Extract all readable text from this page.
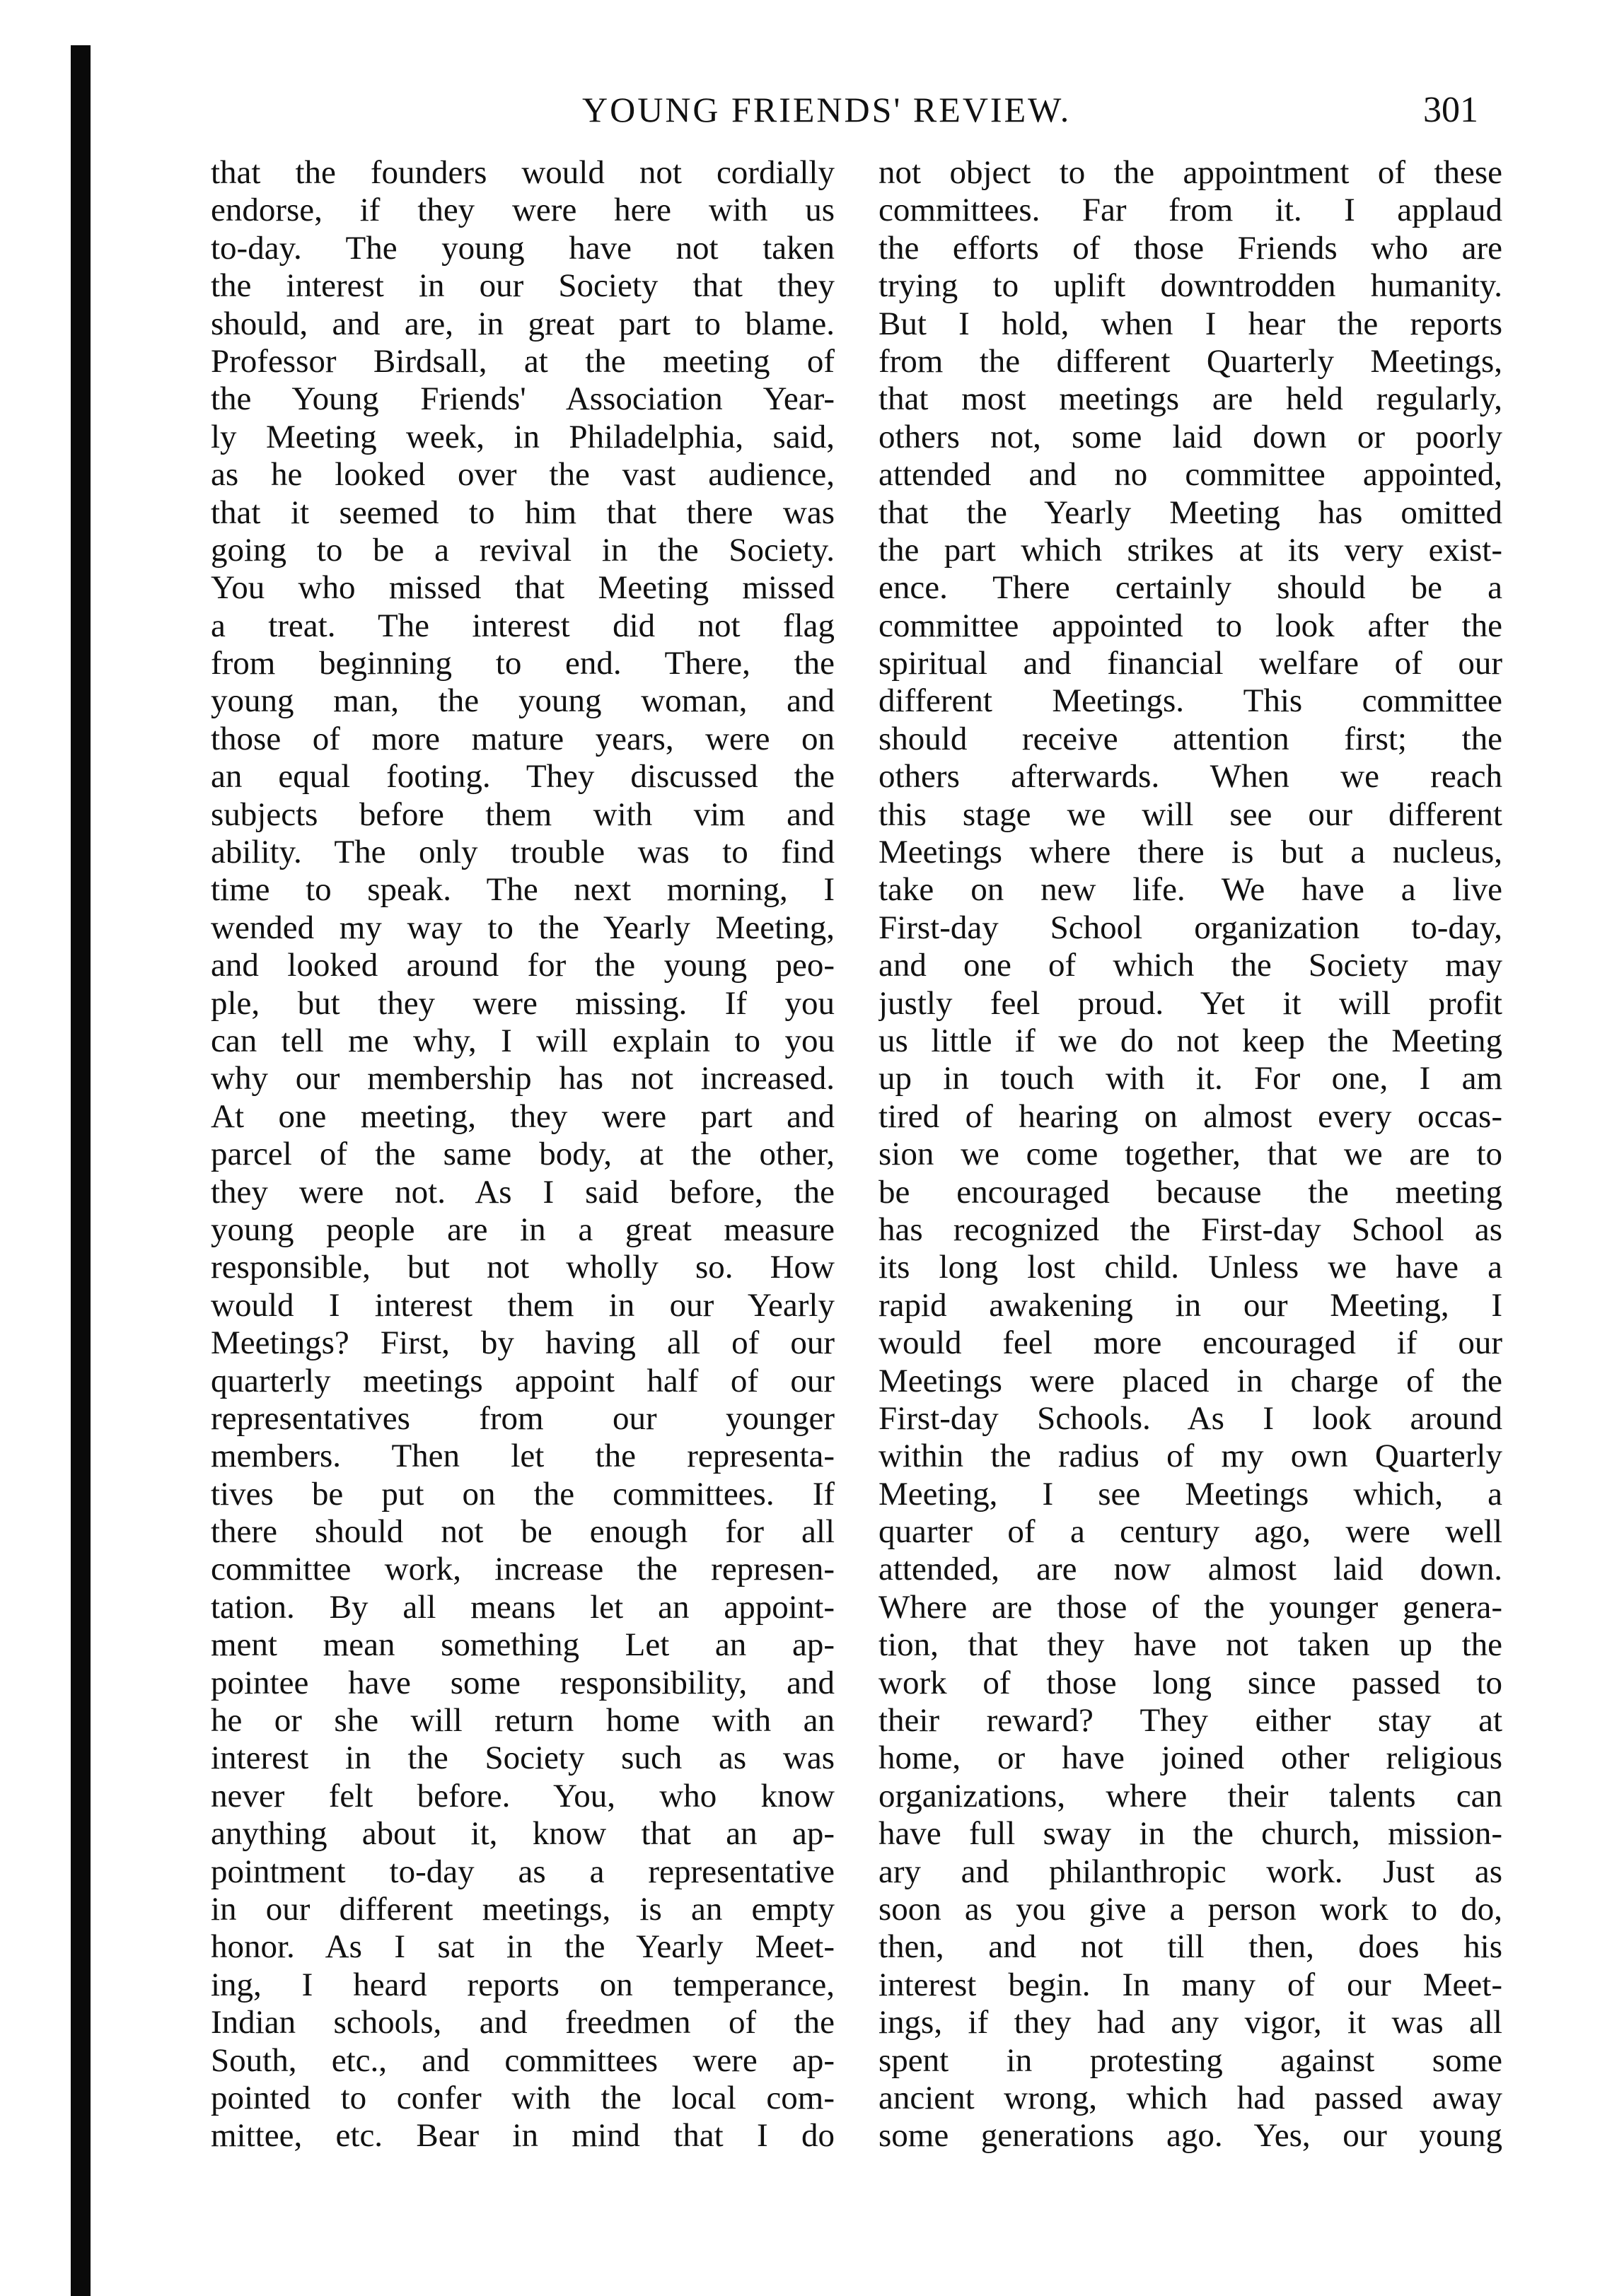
YOUNG FRIENDS' REVIEW.	301
that the founders would not cordially
endorse, if they were here with us
to-day. The young have not taken
the interest in our Society that they
should, and are, in great part to blame.
Professor Birdsall, at the meeting of
the Young Friends' Association Year-
ly Meeting week, in Philadelphia, said,
as he looked over the vast audience,
that it seemed to him that there was
going to be a revival in the Society.
You who missed that Meeting missed
a treat. The interest did not flag
from beginning to end. There, the
young man, the young woman, and
those of more mature years, were on
an equal footing. They discussed the
subjects before them with vim and
ability. The only trouble was to find
time to speak. The next morning, I
wended my way to the Yearly Meeting,
and looked around for the young peo-
ple, but they were missing. If you
can tell me why, I will explain to you
why our membership has not increased.
At one meeting, they were part and
parcel of the same body, at the other,
they were not. As I said before, the
young people are in a great measure
responsible, but not wholly so. How
would I interest them in our Yearly
Meetings? First, by having all of our
quarterly meetings appoint half of our
representatives from our younger
members. Then let the representa-
tives be put on the committees. If
there should not be enough for all
committee work, increase the represen-
tation. By all means let an appoint-
ment mean something Let an ap-
pointee have some responsibility, and
he or she will return home with an
interest in the Society such as was
never felt before. You, who know
anything about it, know that an ap-
pointment to-day as a representative
in our different meetings, is an empty
honor. As I sat in the Yearly Meet-
ing, I heard reports on temperance,
Indian schools, and freedmen of the
South, etc., and committees were ap-
pointed to confer with the local com-
mittee, etc. Bear in mind that I do
not object to the appointment of these
committees. Far from it. I applaud
the efforts of those Friends who are
trying to uplift downtrodden humanity.
But I hold, when I hear the reports
from the different Quarterly Meetings,
that most meetings are held regularly,
others not, some laid down or poorly
attended and no committee appointed,
that the Yearly Meeting has omitted
the part which strikes at its very exist-
ence. There certainly should be a
committee appointed to look after the
spiritual and financial welfare of our
different Meetings. This committee
should receive attention first; the
others afterwards. When we reach
this stage we will see our different
Meetings where there is but a nucleus,
take on new life. We have a live
First-day School organization to-day,
and one of which the Society may
justly feel proud. Yet it will profit
us little if we do not keep the Meeting
up in touch with it. For one, I am
tired of hearing on almost every occas-
sion we come together, that we are to
be encouraged because the meeting
has recognized the First-day School as
its long lost child. Unless we have a
rapid awakening in our Meeting, I
would feel more encouraged if our
Meetings were placed in charge of the
First-day Schools. As I look around
within the radius of my own Quarterly
Meeting, I see Meetings which, a
quarter of a century ago, were well
attended, are now almost laid down.
Where are those of the younger genera-
tion, that they have not taken up the
work of those long since passed to
their reward? They either stay at
home, or have joined other religious
organizations, where their talents can
have full sway in the church, mission-
ary and philanthropic work. Just as
soon as you give a person work to do,
then, and not till then, does his
interest begin. In many of our Meet-
ings, if they had any vigor, it was all
spent in protesting against some
ancient wrong, which had passed away
some generations ago. Yes, our young
